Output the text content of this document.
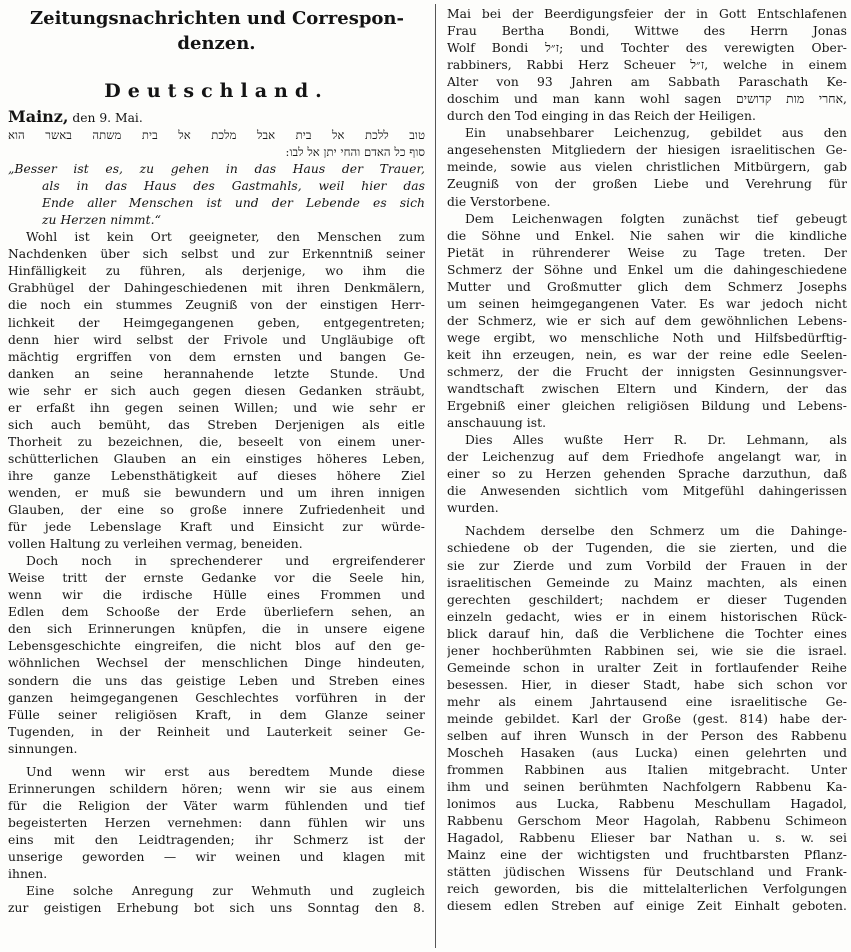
Zeitungsnachrichten und Correspon-
denzen.
Deutschland.
Mainz, den 9. Mai.
טוב ללכת אל בית אבל מלכת אל בית משתה באשר הוא
סוף כל האדם והחי יתן אל לבו:
„Besser ist es, zu gehen in das Haus der Trauer,
als in das Haus des Gastmahls, weil hier das
Ende aller Menschen ist und der Lebende es sich
zu Herzen nimmt.“
Wohl ist kein Ort geeigneter, den Menschen zum
Nachdenken über sich selbst und zur Erkenntniß seiner
Hinfälligkeit zu führen, als derjenige, wo ihm die
Grabhügel der Dahingeschiedenen mit ihren Denkmälern,
die noch ein stummes Zeugniß von der einstigen Herr-
lichkeit der Heimgegangenen geben, entgegentreten;
denn hier wird selbst der Frivole und Ungläubige oft
mächtig ergriffen von dem ernsten und bangen Ge-
danken an seine herannahende letzte Stunde. Und
wie sehr er sich auch gegen diesen Gedanken sträubt,
er erfaßt ihn gegen seinen Willen; und wie sehr er
sich auch bemüht, das Streben Derjenigen als eitle
Thorheit zu bezeichnen, die, beseelt von einem uner-
schütterlichen Glauben an ein einstiges höheres Leben,
ihre ganze Lebensthätigkeit auf dieses höhere Ziel
wenden, er muß sie bewundern und um ihren innigen
Glauben, der eine so große innere Zufriedenheit und
für jede Lebenslage Kraft und Einsicht zur würde-
vollen Haltung zu verleihen vermag, beneiden.
Doch noch in sprechenderer und ergreifenderer
Weise tritt der ernste Gedanke vor die Seele hin,
wenn wir die irdische Hülle eines Frommen und
Edlen dem Schooße der Erde überliefern sehen, an
den sich Erinnerungen knüpfen, die in unsere eigene
Lebensgeschichte eingreifen, die nicht blos auf den ge-
wöhnlichen Wechsel der menschlichen Dinge hindeuten,
sondern die uns das geistige Leben und Streben eines
ganzen heimgegangenen Geschlechtes vorführen in der
Fülle seiner religiösen Kraft, in dem Glanze seiner
Tugenden, in der Reinheit und Lauterkeit seiner Ge-
sinnungen.
Und wenn wir erst aus beredtem Munde diese
Erinnerungen schildern hören; wenn wir sie aus einem
für die Religion der Väter warm fühlenden und tief
begeisterten Herzen vernehmen: dann fühlen wir uns
eins mit den Leidtragenden; ihr Schmerz ist der
unserige geworden — wir weinen und klagen mit
ihnen.
Eine solche Anregung zur Wehmuth und zugleich
zur geistigen Erhebung bot sich uns Sonntag den 8.
Mai bei der Beerdigungsfeier der in Gott Entschlafenen
Frau Bertha Bondi, Wittwe des Herrn Jonas
Wolf Bondi ז״ל; und Tochter des verewigten Ober-
rabbiners, Rabbi Herz Scheuer ז״ל, welche in einem
Alter von 93 Jahren am Sabbath Paraschath Ke-
doschim und man kann wohl sagen אחרי מות קדושים,
durch den Tod einging in das Reich der Heiligen.
Ein unabsehbarer Leichenzug, gebildet aus den
angesehensten Mitgliedern der hiesigen israelitischen Ge-
meinde, sowie aus vielen christlichen Mitbürgern, gab
Zeugniß von der großen Liebe und Verehrung für
die Verstorbene.
Dem Leichenwagen folgten zunächst tief gebeugt
die Söhne und Enkel. Nie sahen wir die kindliche
Pietät in rührenderer Weise zu Tage treten. Der
Schmerz der Söhne und Enkel um die dahingeschiedene
Mutter und Großmutter glich dem Schmerz Josephs
um seinen heimgegangenen Vater. Es war jedoch nicht
der Schmerz, wie er sich auf dem gewöhnlichen Lebens-
wege ergibt, wo menschliche Noth und Hilfsbedürftig-
keit ihn erzeugen, nein, es war der reine edle Seelen-
schmerz, der die Frucht der innigsten Gesinnungsver-
wandtschaft zwischen Eltern und Kindern, der das
Ergebniß einer gleichen religiösen Bildung und Lebens-
anschauung ist.
Dies Alles wußte Herr R. Dr. Lehmann, als
der Leichenzug auf dem Friedhofe angelangt war, in
einer so zu Herzen gehenden Sprache darzuthun, daß
die Anwesenden sichtlich vom Mitgefühl dahingerissen
wurden.
Nachdem derselbe den Schmerz um die Dahinge-
schiedene ob der Tugenden, die sie zierten, und die
sie zur Zierde und zum Vorbild der Frauen in der
israelitischen Gemeinde zu Mainz machten, als einen
gerechten geschildert; nachdem er dieser Tugenden
einzeln gedacht, wies er in einem historischen Rück-
blick darauf hin, daß die Verblichene die Tochter eines
jener hochberühmten Rabbinen sei, wie sie die israel.
Gemeinde schon in uralter Zeit in fortlaufender Reihe
besessen. Hier, in dieser Stadt, habe sich schon vor
mehr als einem Jahrtausend eine israelitische Ge-
meinde gebildet. Karl der Große (gest. 814) habe der-
selben auf ihren Wunsch in der Person des Rabbenu
Moscheh Hasaken (aus Lucka) einen gelehrten und
frommen Rabbinen aus Italien mitgebracht. Unter
ihm und seinen berühmten Nachfolgern Rabbenu Ka-
lonimos aus Lucka, Rabbenu Meschullam Hagadol,
Rabbenu Gerschom Meor Hagolah, Rabbenu Schimeon
Hagadol, Rabbenu Elieser bar Nathan u. s. w. sei
Mainz eine der wichtigsten und fruchtbarsten Pflanz-
stätten jüdischen Wissens für Deutschland und Frank-
reich geworden, bis die mittelalterlichen Verfolgungen
diesem edlen Streben auf einige Zeit Einhalt geboten.
